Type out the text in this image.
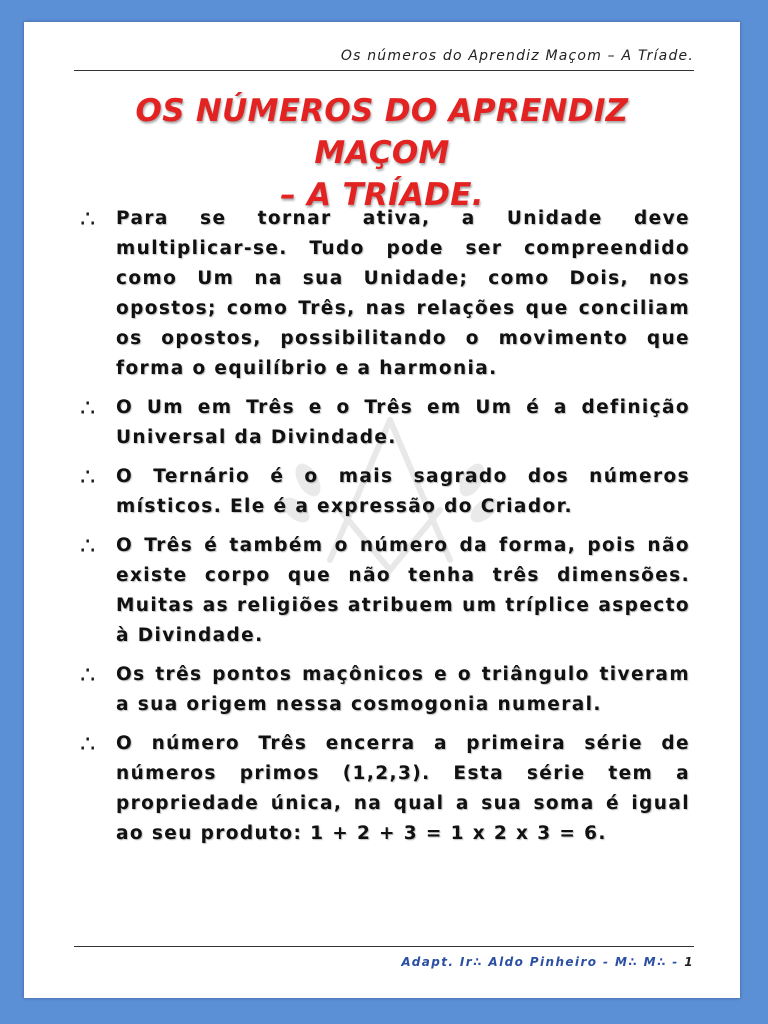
Os números do Aprendiz Maçom – A Tríade.
OS NÚMEROS DO APRENDIZ MAÇOM
– A TRÍADE.
∴ Para se tornar ativa, a Unidade deve multiplicar-se. Tudo pode ser compreendido como Um na sua Unidade; como Dois, nos opostos; como Três, nas relações que conciliam os opostos, possibilitando o movimento que forma o equilíbrio e a harmonia.
∴ O Um em Três e o Três em Um é a definição Universal da Divindade.
∴ O Ternário é o mais sagrado dos números místicos. Ele é a expressão do Criador.
∴ O Três é também o número da forma, pois não existe corpo que não tenha três dimensões. Muitas as religiões atribuem um tríplice aspecto à Divindade.
∴ Os três pontos maçônicos e o triângulo tiveram a sua origem nessa cosmogonia numeral.
∴ O número Três encerra a primeira série de números primos (1,2,3). Esta série tem a propriedade única, na qual a sua soma é igual ao seu produto: 1 + 2 + 3 = 1 x 2 x 3 = 6.
Adapt. Ir∴ Aldo Pinheiro - M∴ M∴ - 1
